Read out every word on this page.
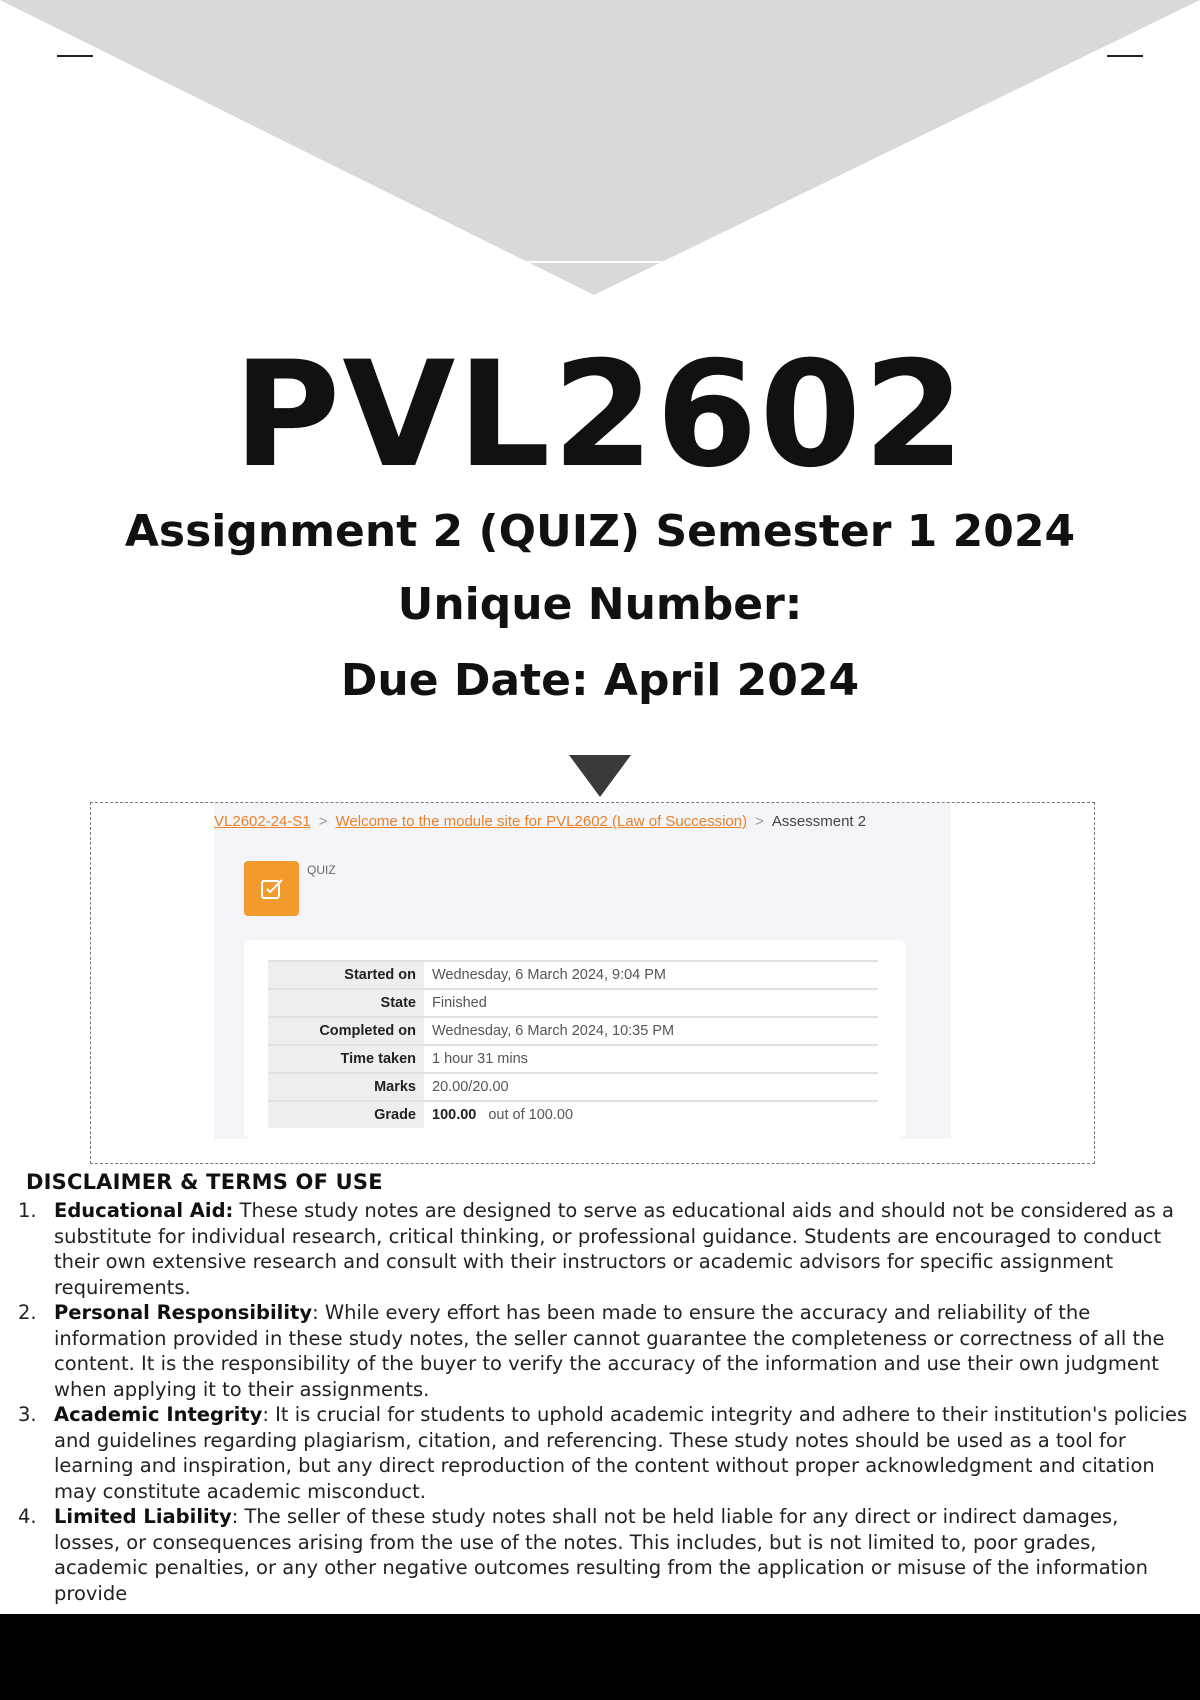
PVL2602
Assignment 2 (QUIZ) Semester 1 2024
Unique Number:
Due Date: April 2024
VL2602-24-S1 > Welcome to the module site for PVL2602 (Law of Succession) > Assessment 2
QUIZ
Started on	Wednesday, 6 March 2024, 9:04 PM
State	Finished
Completed on	Wednesday, 6 March 2024, 10:35 PM
Time taken	1 hour 31 mins
Marks	20.00/20.00
Grade	100.00 out of 100.00
DISCLAIMER & TERMS OF USE
1. Educational Aid: These study notes are designed to serve as educational aids and should not be considered as a substitute for individual research, critical thinking, or professional guidance. Students are encouraged to conduct their own extensive research and consult with their instructors or academic advisors for specific assignment requirements.
2. Personal Responsibility: While every effort has been made to ensure the accuracy and reliability of the information provided in these study notes, the seller cannot guarantee the completeness or correctness of all the content. It is the responsibility of the buyer to verify the accuracy of the information and use their own judgment when applying it to their assignments.
3. Academic Integrity: It is crucial for students to uphold academic integrity and adhere to their institution's policies and guidelines regarding plagiarism, citation, and referencing. These study notes should be used as a tool for learning and inspiration, but any direct reproduction of the content without proper acknowledgment and citation may constitute academic misconduct.
4. Limited Liability: The seller of these study notes shall not be held liable for any direct or indirect damages, losses, or consequences arising from the use of the notes. This includes, but is not limited to, poor grades, academic penalties, or any other negative outcomes resulting from the application or misuse of the information provide
